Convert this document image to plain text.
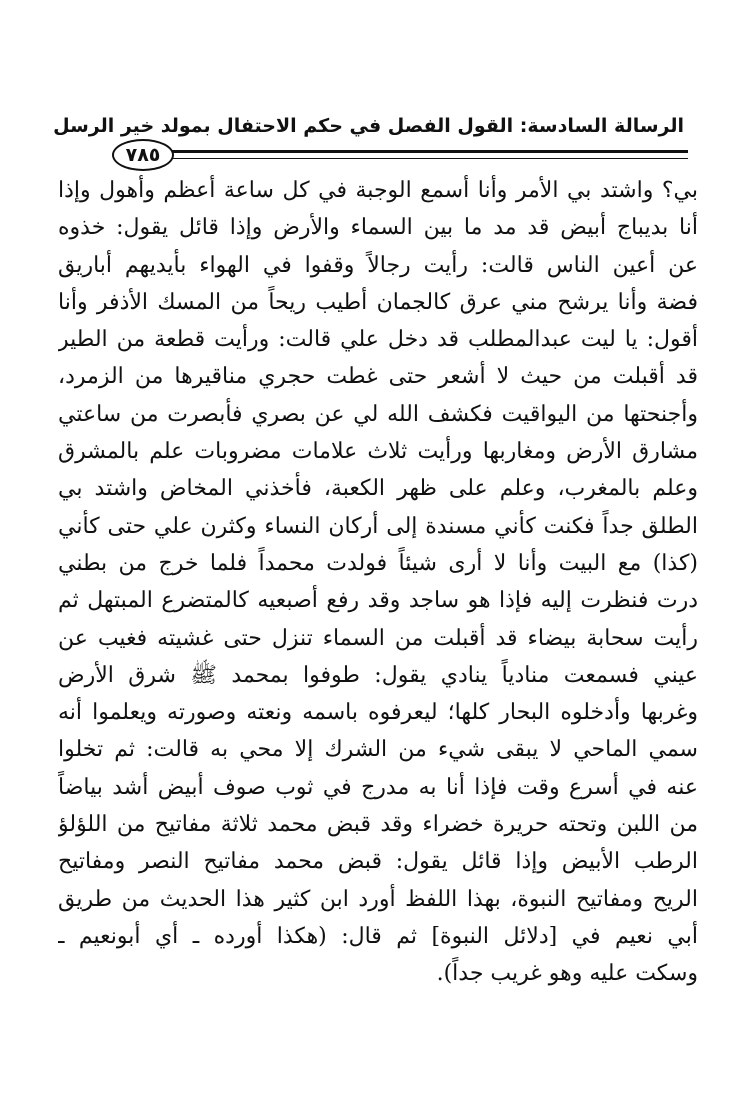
الرسالة السادسة: القول الفصل في حكم الاحتفال بمولد خير الرسل
٧٨٥
بي؟ واشتد بي الأمر وأنا أسمع الوجبة في كل ساعة أعظم وأهول وإذا
أنا بديباج أبيض قد مد ما بين السماء والأرض وإذا قائل يقول: خذوه
عن أعين الناس قالت: رأيت رجالاً وقفوا في الهواء بأيديهم أباريق
فضة وأنا يرشح مني عرق كالجمان أطيب ريحاً من المسك الأذفر وأنا
أقول: يا ليت عبدالمطلب قد دخل علي قالت: ورأيت قطعة من الطير
قد أقبلت من حيث لا أشعر حتى غطت حجري مناقيرها من الزمرد،
وأجنحتها من اليواقيت فكشف الله لي عن بصري فأبصرت من ساعتي
مشارق الأرض ومغاربها ورأيت ثلاث علامات مضروبات علم بالمشرق
وعلم بالمغرب، وعلم على ظهر الكعبة، فأخذني المخاض واشتد بي
الطلق جداً فكنت كأني مسندة إلى أركان النساء وكثرن علي حتى كأني
(كذا) مع البيت وأنا لا أرى شيئاً فولدت محمداً فلما خرج من بطني
درت فنظرت إليه فإذا هو ساجد وقد رفع أصبعيه كالمتضرع المبتهل ثم
رأيت سحابة بيضاء قد أقبلت من السماء تنزل حتى غشيته فغيب عن
عيني فسمعت منادياً ينادي يقول: طوفوا بمحمد ﷺ شرق الأرض
وغربها وأدخلوه البحار كلها؛ ليعرفوه باسمه ونعته وصورته ويعلموا أنه
سمي الماحي لا يبقى شيء من الشرك إلا محي به قالت: ثم تخلوا
عنه في أسرع وقت فإذا أنا به مدرج في ثوب صوف أبيض أشد بياضاً
من اللبن وتحته حريرة خضراء وقد قبض محمد ثلاثة مفاتيح من اللؤلؤ
الرطب الأبيض وإذا قائل يقول: قبض محمد مفاتيح النصر ومفاتيح
الريح ومفاتيح النبوة، بهذا اللفظ أورد ابن كثير هذا الحديث من طريق
أبي نعيم في [دلائل النبوة] ثم قال: (هكذا أورده ـ أي أبونعيم ـ
وسكت عليه وهو غريب جداً).
